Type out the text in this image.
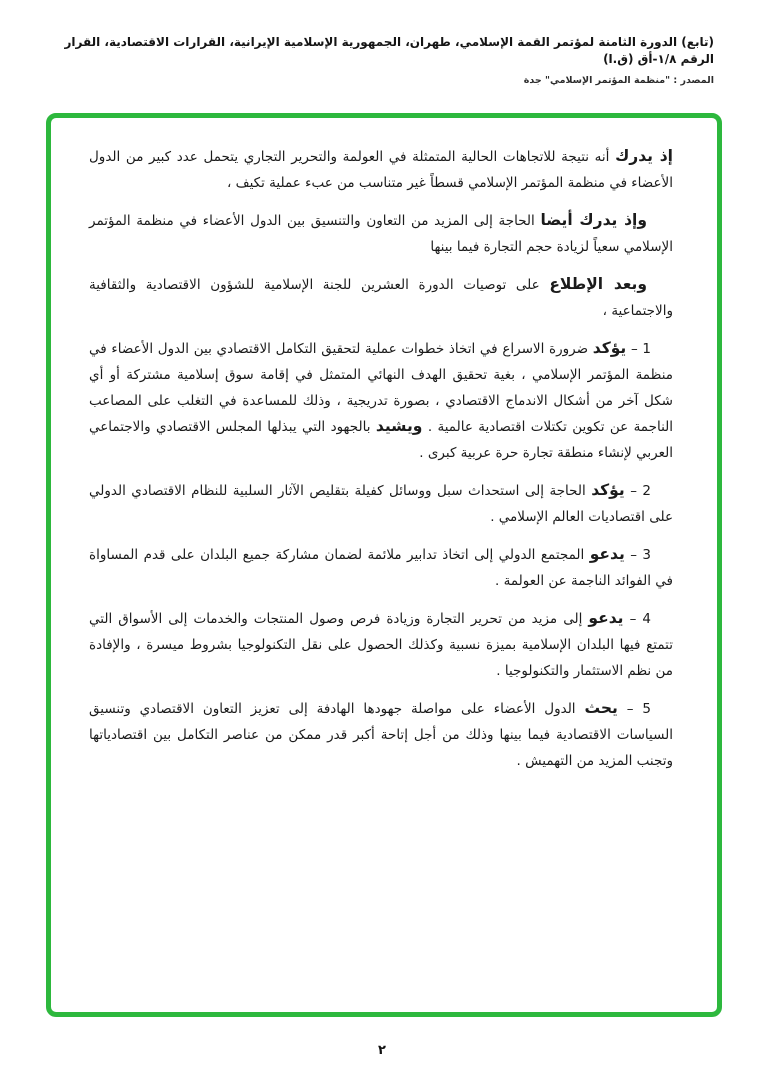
(تابع) الدورة الثامنة لمؤتمر القمة الإسلامي، طهران، الجمهورية الإسلامية الإيرانية، القرارات الاقتصادية، القرار الرقم ١/٨-أق (ق.ا)
المصدر : "منظمة المؤتمر الإسلامي" جدة

إذ يدرك أنه نتيجة للاتجاهات الحالية المتمثلة في العولمة والتحرير التجاري يتحمل عدد كبير من الدول الأعضاء في منظمة المؤتمر الإسلامي قسطاً غير متناسب من عبء عملية تكيف ،

وإذ يدرك أيضا الحاجة إلى المزيد من التعاون والتنسيق بين الدول الأعضاء في منظمة المؤتمر الإسلامي سعياً لزيادة حجم التجارة فيما بينها

وبعد الإطلاع على توصيات الدورة العشرين للجنة الإسلامية للشؤون الاقتصادية والثقافية والاجتماعية ،

1 – يؤكد ضرورة الاسراع في اتخاذ خطوات عملية لتحقيق التكامل الاقتصادي بين الدول الأعضاء في منظمة المؤتمر الإسلامي ، بغية تحقيق الهدف النهائي المتمثل في إقامة سوق إسلامية مشتركة أو أي شكل آخر من أشكال الاندماج الاقتصادي ، بصورة تدريجية ، وذلك للمساعدة في التغلب على المصاعب الناجمة عن تكوين تكتلات اقتصادية عالمية . ويشيد بالجهود التي يبذلها المجلس الاقتصادي والاجتماعي العربي لإنشاء منطقة تجارة حرة عربية كبرى .

2 – يؤكد الحاجة إلى استحداث سبل ووسائل كفيلة بتقليص الآثار السلبية للنظام الاقتصادي الدولي على اقتصاديات العالم الإسلامي .

3 – يدعو المجتمع الدولي إلى اتخاذ تدابير ملائمة لضمان مشاركة جميع البلدان على قدم المساواة في الفوائد الناجمة عن العولمة .

4 – يدعو إلى مزيد من تحرير التجارة وزيادة فرص وصول المنتجات والخدمات إلى الأسواق التي تتمتع فيها البلدان الإسلامية بميزة نسبية وكذلك الحصول على نقل التكنولوجيا بشروط ميسرة ، والإفادة من نظم الاستثمار والتكنولوجيا .

5 – يحث الدول الأعضاء على مواصلة جهودها الهادفة إلى تعزيز التعاون الاقتصادي وتنسيق السياسات الاقتصادية فيما بينها وذلك من أجل إتاحة أكبر قدر ممكن من عناصر التكامل بين اقتصادياتها وتجنب المزيد من التهميش .

٢
